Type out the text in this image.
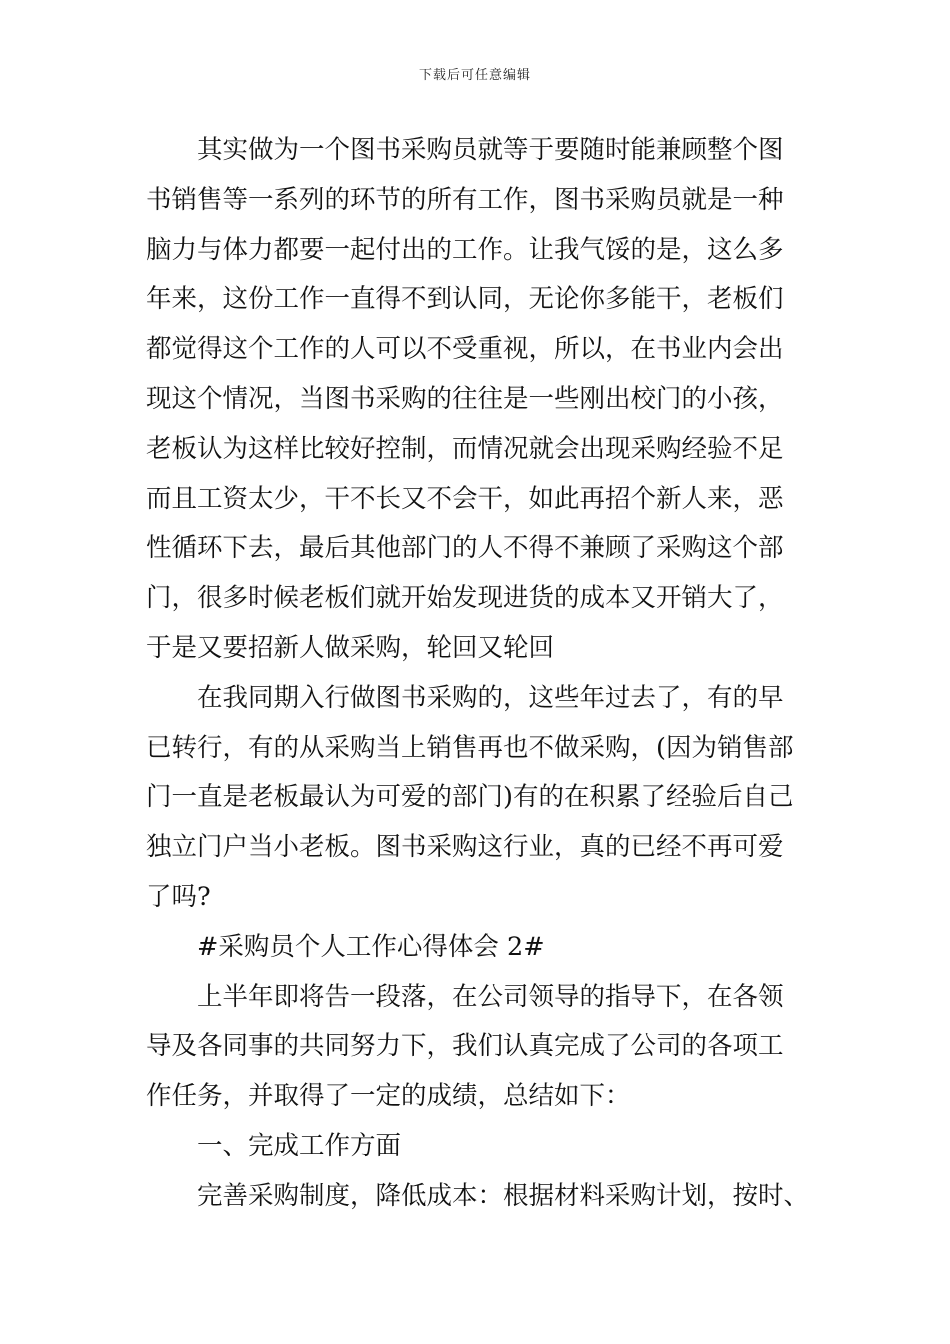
下载后可任意编辑
其实做为一个图书采购员就等于要随时能兼顾整个图
书销售等一系列的环节的所有工作，图书采购员就是一种
脑力与体力都要一起付出的工作。让我气馁的是，这么多
年来，这份工作一直得不到认同，无论你多能干，老板们
都觉得这个工作的人可以不受重视，所以，在书业内会出
现这个情况，当图书采购的往往是一些刚出校门的小孩，
老板认为这样比较好控制，而情况就会出现采购经验不足
而且工资太少，干不长又不会干，如此再招个新人来，恶
性循环下去，最后其他部门的人不得不兼顾了采购这个部
门，很多时候老板们就开始发现进货的成本又开销大了，
于是又要招新人做采购，轮回又轮回
在我同期入行做图书采购的，这些年过去了，有的早
已转行，有的从采购当上销售再也不做采购，(因为销售部
门一直是老板最认为可爱的部门)有的在积累了经验后自己
独立门户当小老板。图书采购这行业，真的已经不再可爱
了吗?
#采购员个人工作心得体会 2#
上半年即将告一段落，在公司领导的指导下，在各领
导及各同事的共同努力下，我们认真完成了公司的各项工
作任务，并取得了一定的成绩，总结如下：
一、完成工作方面
完善采购制度，降低成本：根据材料采购计划，按时、
